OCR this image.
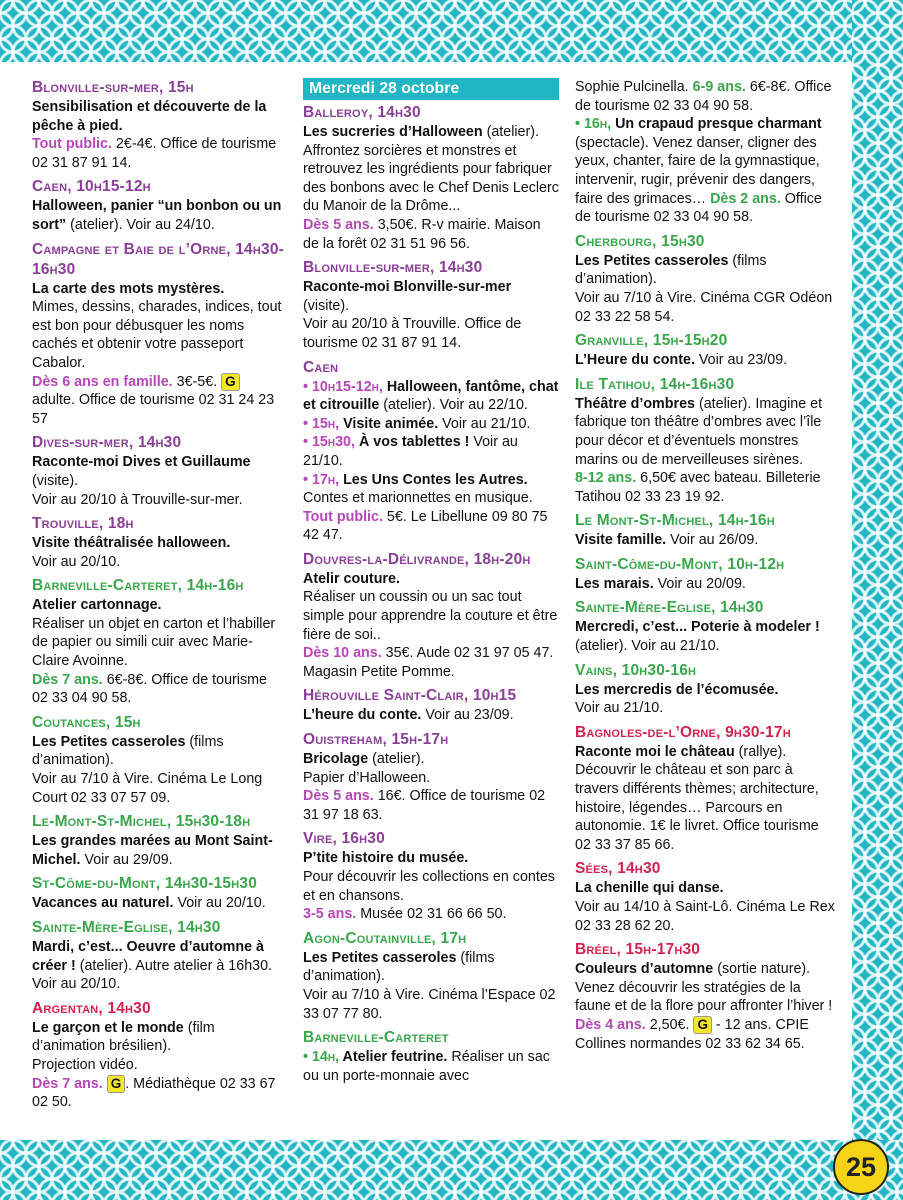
Blonville-sur-mer, 15h
Sensibilisation et découverte de la pêche à pied.
Tout public. 2€-4€. Office de tourisme 02 31 87 91 14.
Caen, 10h15-12h
Halloween, panier “un bonbon ou un sort” (atelier). Voir au 24/10.
Campagne et Baie de l’Orne, 14h30-16h30
La carte des mots mystères.
Mimes, dessins, charades, indices, tout est bon pour débusquer les noms cachés et obtenir votre passeport Cabalor.
Dès 6 ans en famille. 3€-5€. G adulte. Office de tourisme 02 31 24 23 57
Dives-sur-mer, 14h30
Raconte-moi Dives et Guillaume
(visite).
Voir au 20/10 à Trouville-sur-mer.
Trouville, 18h
Visite théâtralisée halloween.
Voir au 20/10.
Barneville-Carteret, 14h-16h
Atelier cartonnage.
Réaliser un objet en carton et l’habiller de papier ou simili cuir avec Marie-Claire Avoinne.
Dès 7 ans. 6€-8€. Office de tourisme 02 33 04 90 58.
Coutances, 15h
Les Petites casseroles (films d’animation).
Voir au 7/10 à Vire. Cinéma Le Long Court 02 33 07 57 09.
Le-Mont-St-Michel, 15h30-18h
Les grandes marées au Mont Saint-Michel. Voir au 29/09.
St-Côme-du-Mont, 14h30-15h30
Vacances au naturel. Voir au 20/10.
Sainte-Mère-Eglise, 14h30
Mardi, c’est... Oeuvre d’automne à créer ! (atelier). Autre atelier à 16h30. Voir au 20/10.
Argentan, 14h30
Le garçon et le monde (film d’animation brésilien).
Projection vidéo.
Dès 7 ans. G . Médiathèque 02 33 67 02 50.
Mercredi 28 octobre
Balleroy, 14h30
Les sucreries d’Halloween (atelier). Affrontez sorcières et monstres et retrouvez les ingrédients pour fabriquer des bonbons avec le Chef Denis Leclerc du Manoir de la Drôme...
Dès 5 ans. 3,50€. R-v mairie. Maison de la forêt 02 31 51 96 56.
Blonville-sur-mer, 14h30
Raconte-moi Blonville-sur-mer
(visite).
Voir au 20/10 à Trouville. Office de tourisme 02 31 87 91 14.
Caen
• 10h15-12h, Halloween, fantôme, chat et citrouille (atelier). Voir au 22/10.
• 15h, Visite animée. Voir au 21/10.
• 15h30, À vos tablettes ! Voir au 21/10.
• 17h, Les Uns Contes les Autres. Contes et marionnettes en musique. Tout public. 5€. Le Libellune 09 80 75 42 47.
Douvres-la-Délivrande, 18h-20h
Atelir couture.
Réaliser un coussin ou un sac tout simple pour apprendre la couture et être fière de soi..
Dès 10 ans. 35€. Aude 02 31 97 05 47. Magasin Petite Pomme.
Hérouville Saint-Clair, 10h15
L’heure du conte. Voir au 23/09.
Ouistreham, 15h-17h
Bricolage (atelier).
Papier d’Halloween.
Dès 5 ans. 16€. Office de tourisme 02 31 97 18 63.
Vire, 16h30
P’tite histoire du musée.
Pour découvrir les collections en contes et en chansons.
3-5 ans. Musée 02 31 66 66 50.
Agon-Coutainville, 17h
Les Petites casseroles (films d’animation).
Voir au 7/10 à Vire. Cinéma l’Espace 02 33 07 77 80.
Barneville-Carteret
• 14h, Atelier feutrine. Réaliser un sac ou un porte-monnaie avec
Sophie Pulcinella. 6-9 ans. 6€-8€. Office de tourisme 02 33 04 90 58.
• 16h, Un crapaud presque charmant (spectacle). Venez danser, cligner des yeux, chanter, faire de la gymnastique, intervenir, rugir, prévenir des dangers, faire des grimaces… Dès 2 ans. Office de tourisme 02 33 04 90 58.
Cherbourg, 15h30
Les Petites casseroles (films d’animation).
Voir au 7/10 à Vire. Cinéma CGR Odéon 02 33 22 58 54.
Granville, 15h-15h20
L’Heure du conte. Voir au 23/09.
Ile Tatihou, 14h-16h30
Théâtre d’ombres (atelier). Imagine et fabrique ton théâtre d’ombres avec l’île pour décor et d’éventuels monstres marins ou de merveilleuses sirènes.
8-12 ans. 6,50€ avec bateau. Billeterie Tatihou 02 33 23 19 92.
Le Mont-St-Michel, 14h-16h
Visite famille. Voir au 26/09.
Saint-Côme-du-Mont, 10h-12h
Les marais. Voir au 20/09.
Sainte-Mère-Eglise, 14h30
Mercredi, c’est... Poterie à modeler ! (atelier). Voir au 21/10.
Vains, 10h30-16h
Les mercredis de l’écomusée.
Voir au 21/10.
Bagnoles-de-l’Orne, 9h30-17h
Raconte moi le château (rallye). Découvrir le château et son parc à travers différents thèmes; architecture, histoire, légendes… Parcours en autonomie. 1€ le livret. Office tourisme 02 33 37 85 66.
Sées, 14h30
La chenille qui danse.
Voir au 14/10 à Saint-Lô. Cinéma Le Rex 02 33 28 62 20.
Bréel, 15h-17h30
Couleurs d’automne (sortie nature). Venez découvrir les stratégies de la faune et de la flore pour affronter l’hiver !
Dès 4 ans. 2,50€. G - 12 ans. CPIE Collines normandes 02 33 62 34 65.
25
